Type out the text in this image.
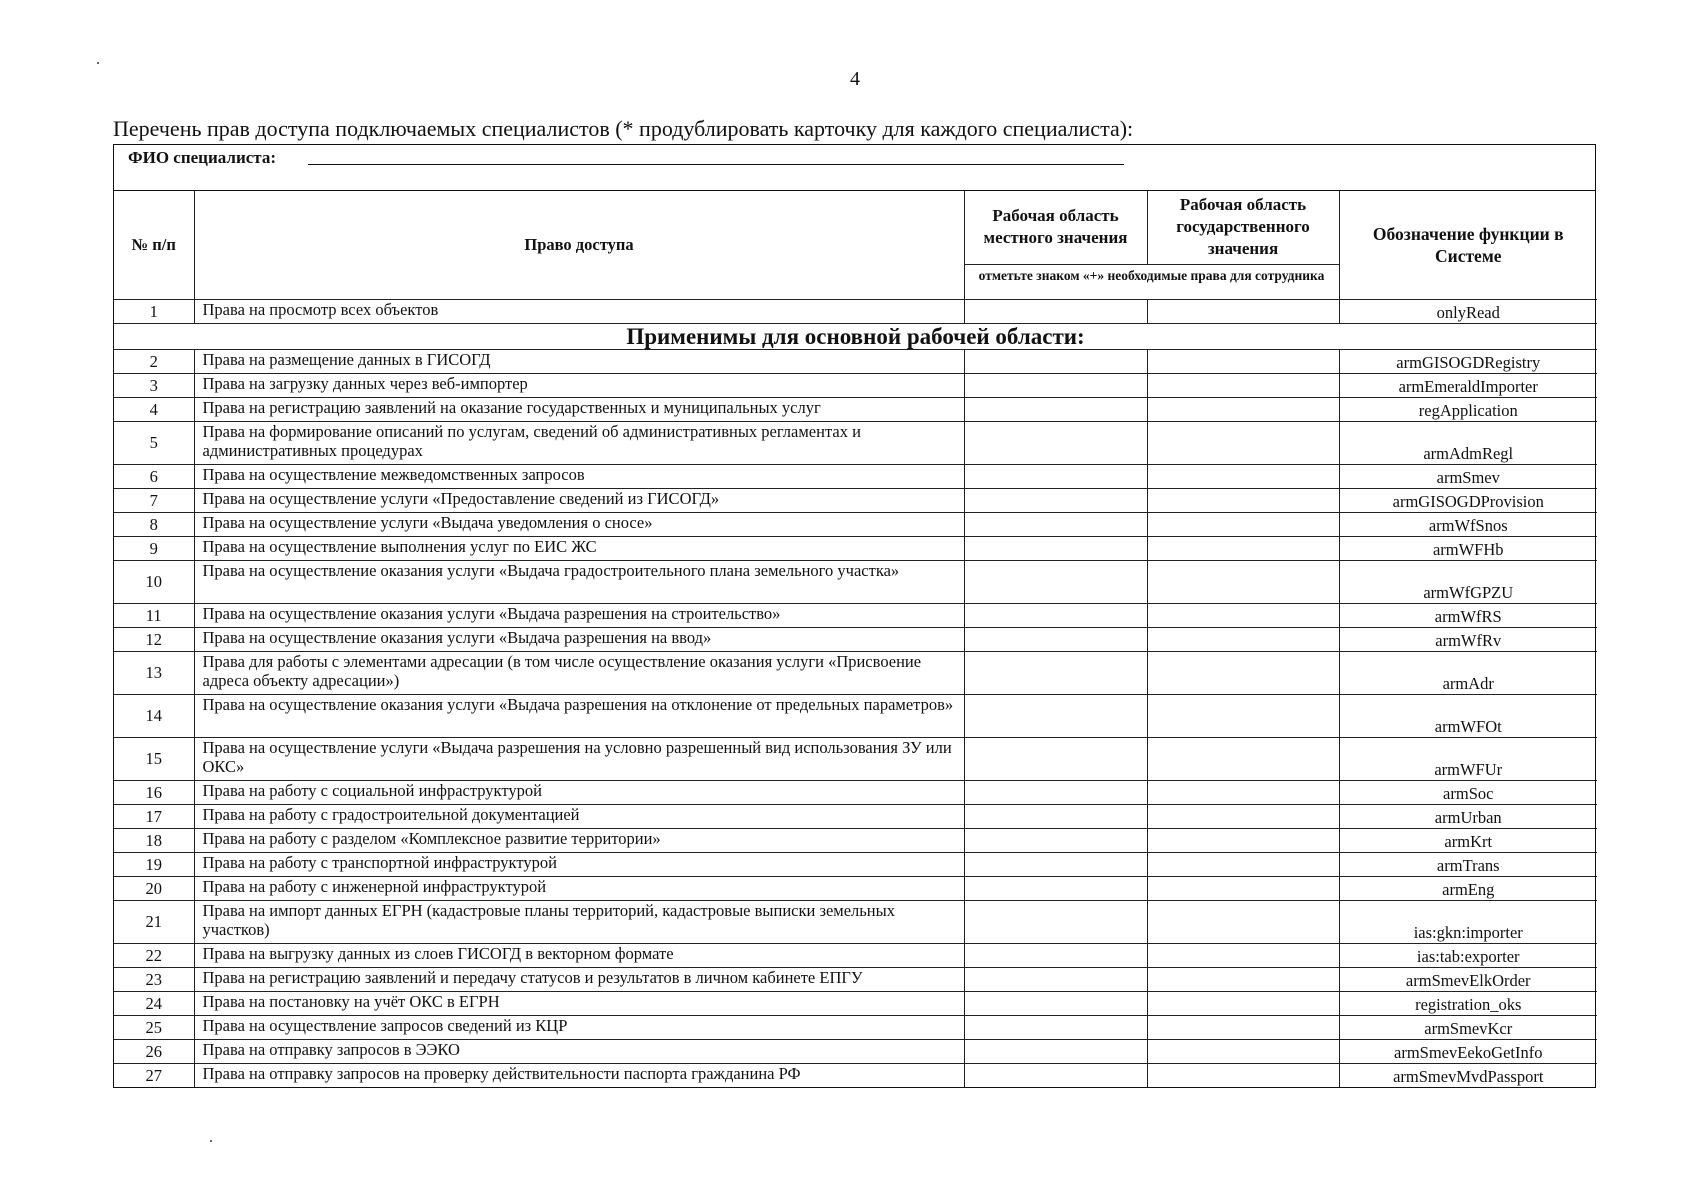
4
Перечень прав доступа подключаемых специалистов (* продублировать карточку для каждого специалиста):
ФИО специалиста:
№ п/п	Право доступа	Рабочая область местного значения	Рабочая область государственного значения	Обозначение функции в Системе
		отметьте знаком «+» необходимые права для сотрудника		
1	Права на просмотр всех объектов			onlyRead
Применимы для основной рабочей области:				
2	Права на размещение данных в ГИСОГД			armGISOGDRegistry
3	Права на загрузку данных через веб-импортер			armEmeraldImporter
4	Права на регистрацию заявлений на оказание государственных и муниципальных услуг			regApplication
5	Права на формирование описаний по услугам, сведений об административных регламентах и административных процедурах			armAdmRegl
6	Права на осуществление межведомственных запросов			armSmev
7	Права на осуществление услуги «Предоставление сведений из ГИСОГД»			armGISOGDProvision
8	Права на осуществление услуги «Выдача уведомления о сносе»			armWfSnos
9	Права на осуществление выполнения услуг по ЕИС ЖС			armWFHb
10	Права на осуществление оказания услуги «Выдача градостроительного плана земельного участка»			armWfGPZU
11	Права на осуществление оказания услуги «Выдача разрешения на строительство»			armWfRS
12	Права на осуществление оказания услуги «Выдача разрешения на ввод»			armWfRv
13	Права для работы с элементами адресации (в том числе осуществление оказания услуги «Присвоение адреса объекту адресации»)			armAdr
14	Права на осуществление оказания услуги «Выдача разрешения на отклонение от предельных параметров»			armWFOt
15	Права на осуществление услуги «Выдача разрешения на условно разрешенный вид использования ЗУ или ОКС»			armWFUr
16	Права на работу с социальной инфраструктурой			armSoc
17	Права на работу с градостроительной документацией			armUrban
18	Права на работу с разделом «Комплексное развитие территории»			armKrt
19	Права на работу с транспортной инфраструктурой			armTrans
20	Права на работу с инженерной инфраструктурой			armEng
21	Права на импорт данных ЕГРН (кадастровые планы территорий, кадастровые выписки земельных участков)			ias:gkn:importer
22	Права на выгрузку данных из слоев ГИСОГД в векторном формате			ias:tab:exporter
23	Права на регистрацию заявлений и передачу статусов и результатов в личном кабинете ЕПГУ			armSmevElkOrder
24	Права на постановку на учёт ОКС в ЕГРН			registration_oks
25	Права на осуществление запросов сведений из КЦР			armSmevKcr
26	Права на отправку запросов в ЭЭКО			armSmevEekoGetInfo
27	Права на отправку запросов на проверку действительности паспорта гражданина РФ			armSmevMvdPassport
